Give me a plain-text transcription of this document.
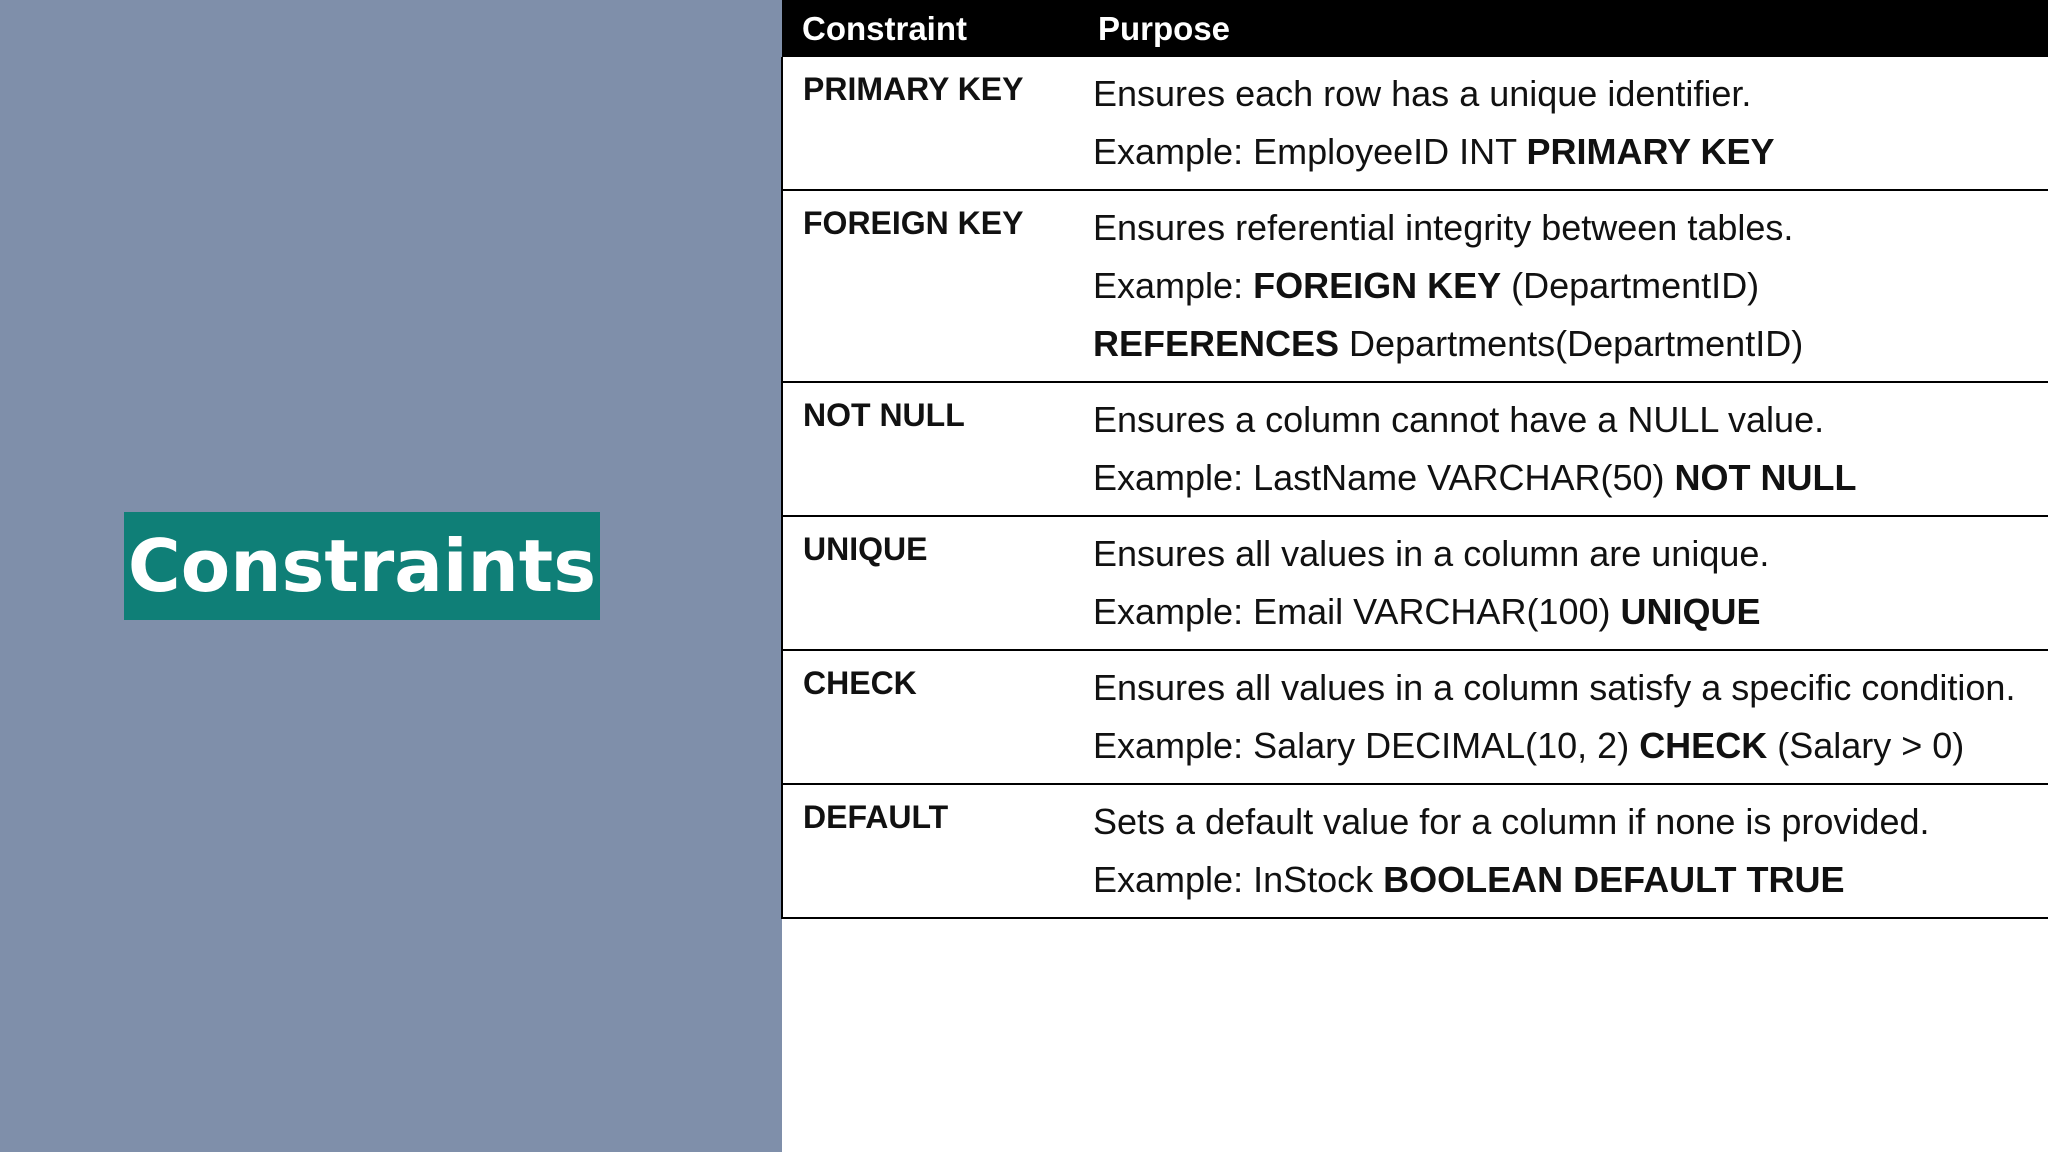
Constraints
Constraint	Purpose
PRIMARY KEY	Ensures each row has a unique identifier.
Example: EmployeeID INT PRIMARY KEY

FOREIGN KEY	Ensures referential integrity between tables.
Example: FOREIGN KEY (DepartmentID)
REFERENCES Departments(DepartmentID)

NOT NULL	Ensures a column cannot have a NULL value.
Example: LastName VARCHAR(50) NOT NULL

UNIQUE	Ensures all values in a column are unique.
Example: Email VARCHAR(100) UNIQUE

CHECK	Ensures all values in a column satisfy a specific condition.
Example: Salary DECIMAL(10, 2) CHECK (Salary > 0)

DEFAULT	Sets a default value for a column if none is provided.
Example: InStock BOOLEAN DEFAULT TRUE
